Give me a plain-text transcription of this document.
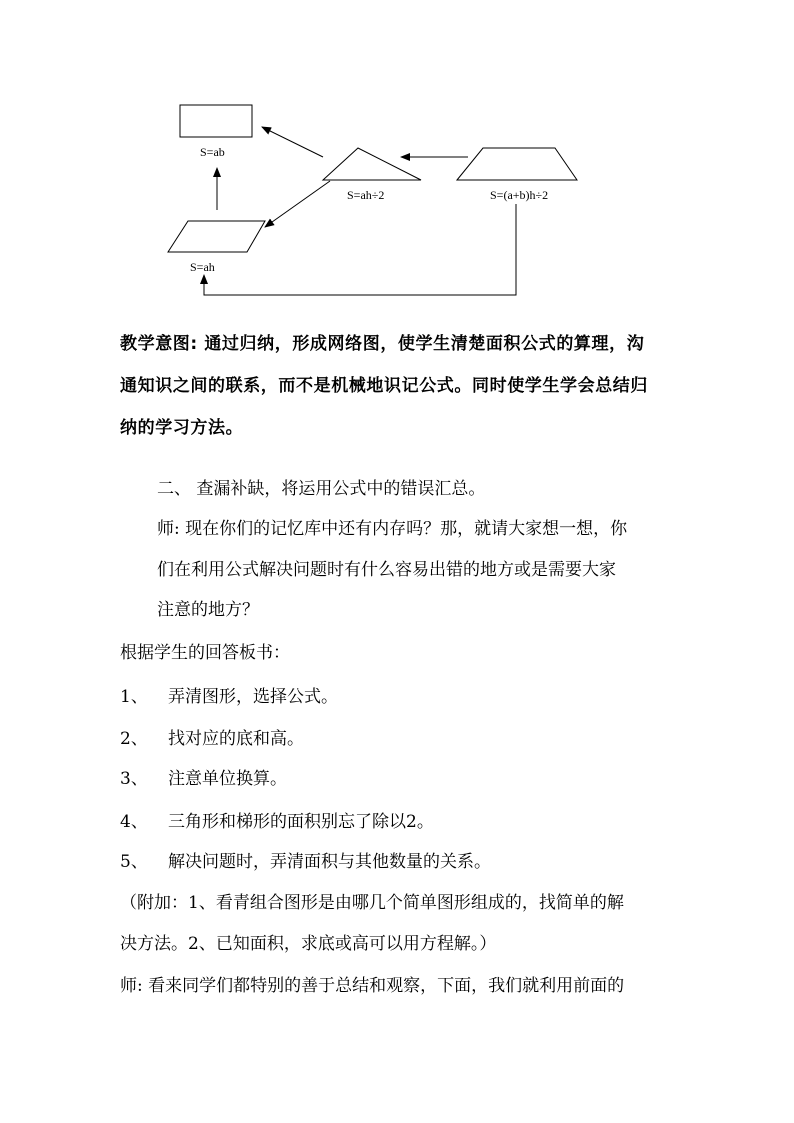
S=ab
S=ah÷2	S=(a+b)h÷2
S=ah
教学意图: 通过归纳，形成网络图，使学生清楚面积公式的算理，沟
通知识之间的联系，而不是机械地识记公式。同时使学生学会总结归
纳的学习方法。
二、 查漏补缺，将运用公式中的错误汇总。
师: 现在你们的记忆库中还有内存吗？那，就请大家想一想，你
们在利用公式解决问题时有什么容易出错的地方或是需要大家
注意的地方？
根据学生的回答板书：
1、 弄清图形，选择公式。
2、 找对应的底和高。
3、 注意单位换算。
4、 三角形和梯形的面积别忘了除以2。
5、 解决问题时，弄清面积与其他数量的关系。
（附加：1、看青组合图形是由哪几个简单图形组成的，找简单的解
决方法。2、已知面积，求底或高可以用方程解。）
师: 看来同学们都特别的善于总结和观察，下面，我们就利用前面的
